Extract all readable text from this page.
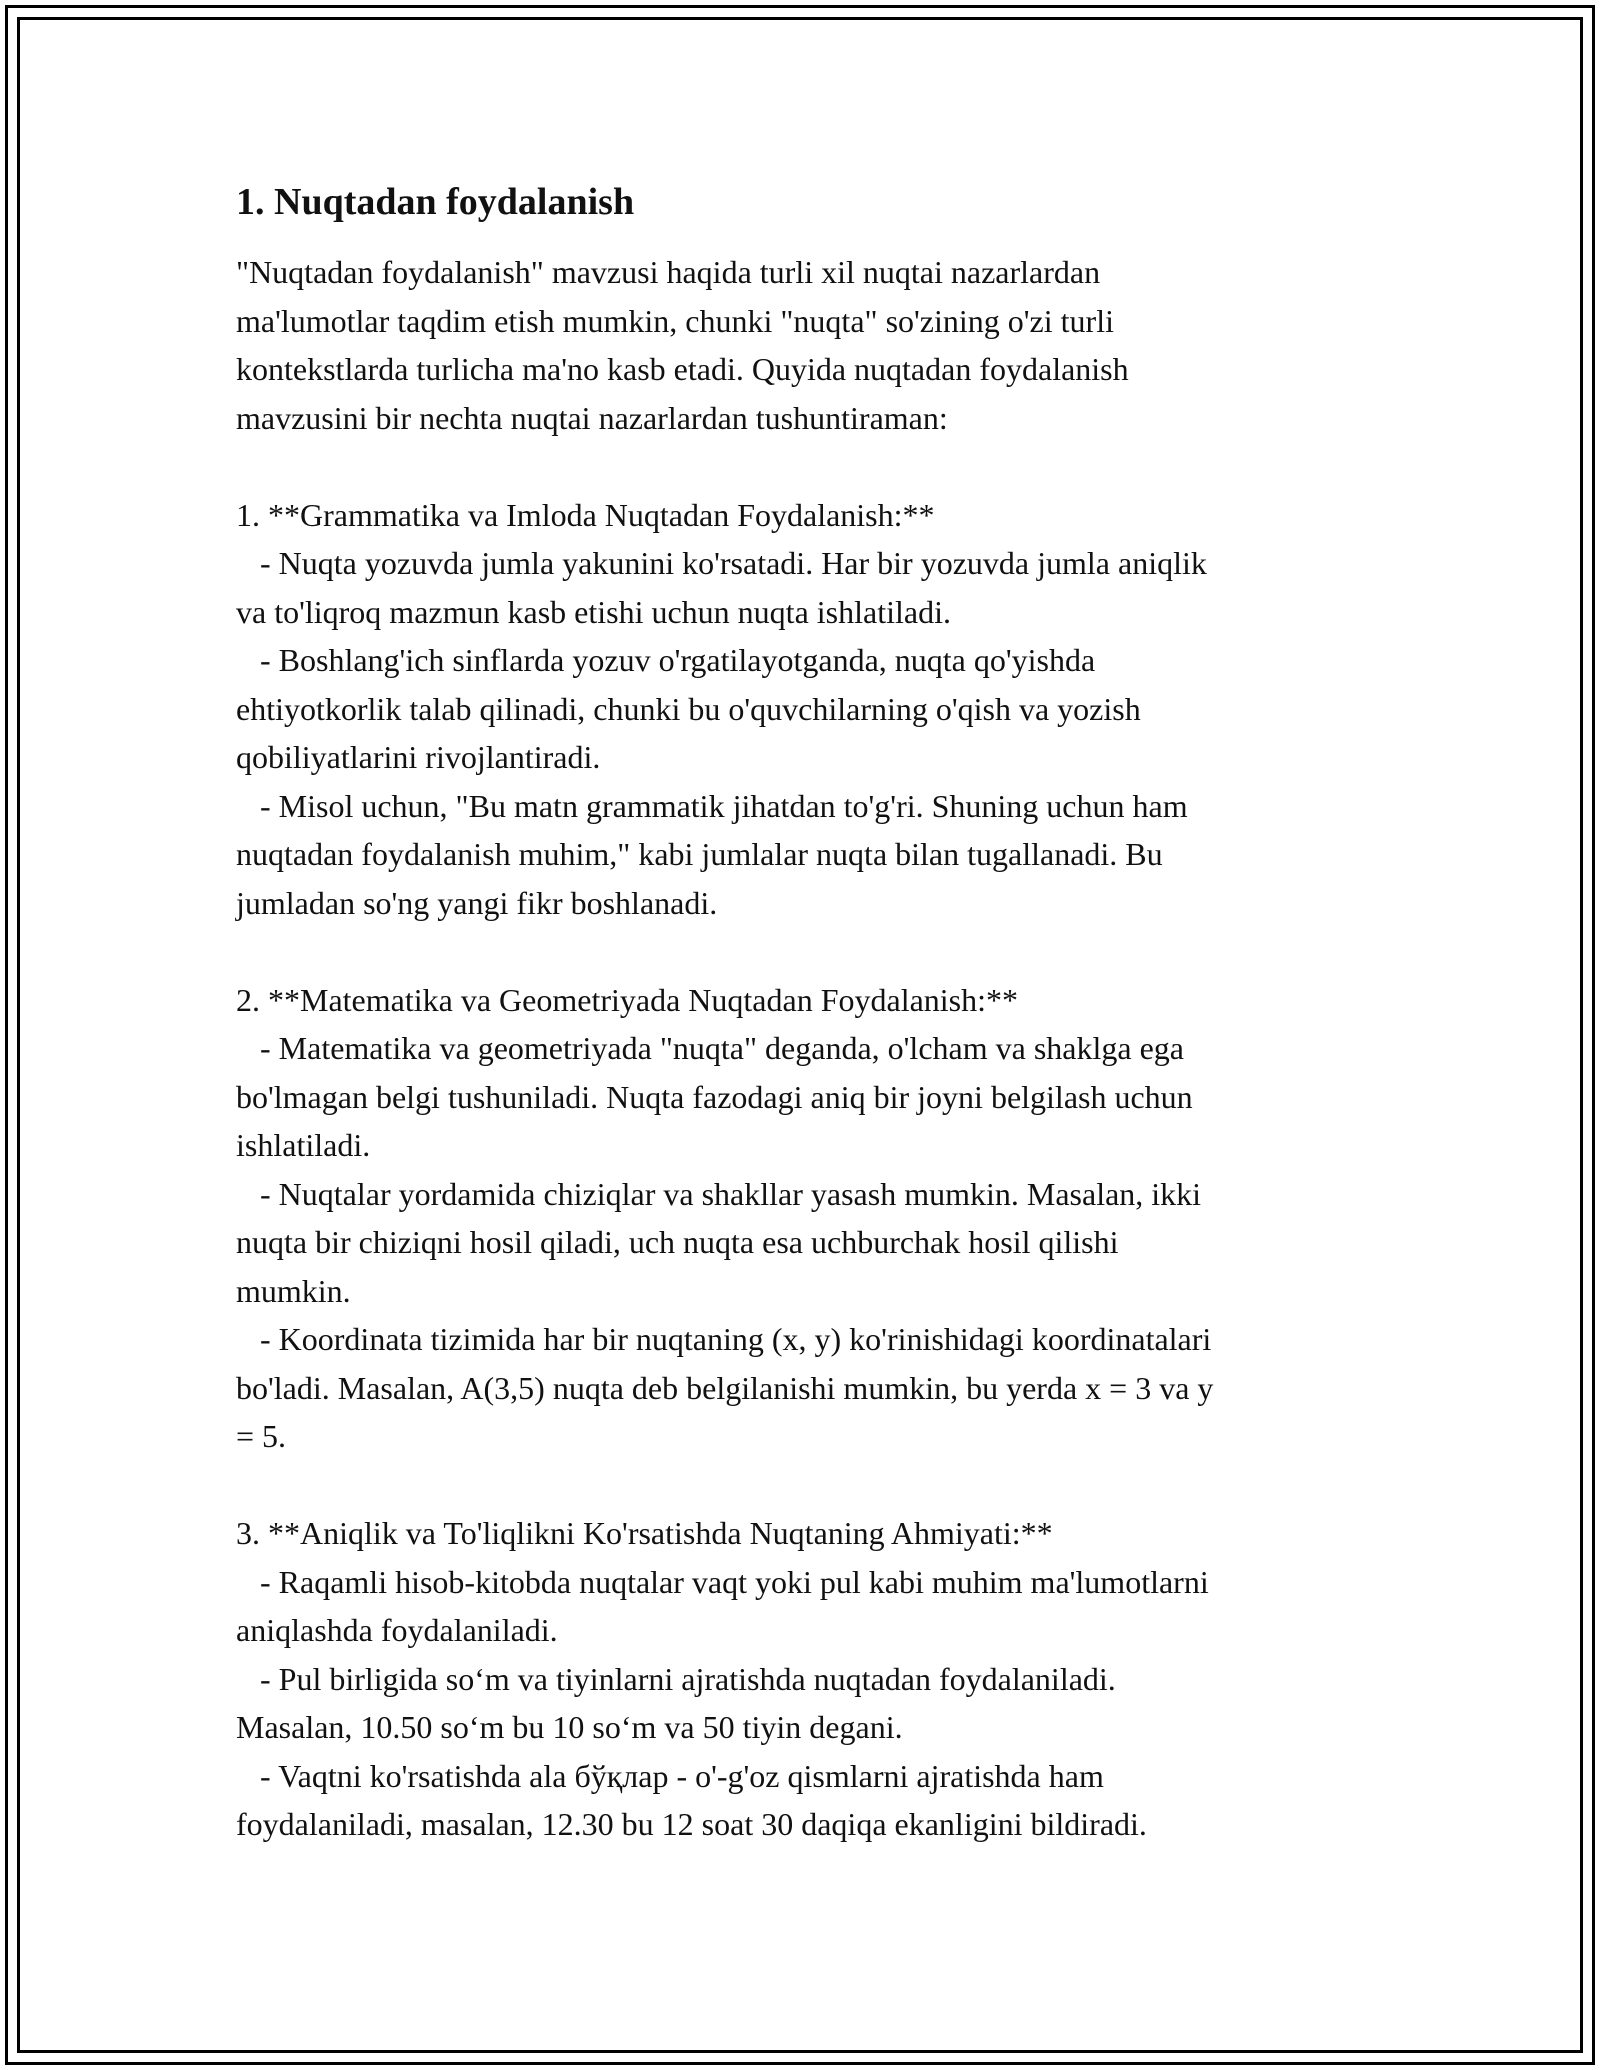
1. Nuqtadan foydalanish
"Nuqtadan foydalanish" mavzusi haqida turli xil nuqtai nazarlardan
ma'lumotlar taqdim etish mumkin, chunki "nuqta" so'zining o'zi turli
kontekstlarda turlicha ma'no kasb etadi. Quyida nuqtadan foydalanish
mavzusini bir nechta nuqtai nazarlardan tushuntiraman:
1. **Grammatika va Imloda Nuqtadan Foydalanish:**
- Nuqta yozuvda jumla yakunini ko'rsatadi. Har bir yozuvda jumla aniqlik
va to'liqroq mazmun kasb etishi uchun nuqta ishlatiladi.
- Boshlang'ich sinflarda yozuv o'rgatilayotganda, nuqta qo'yishda
ehtiyotkorlik talab qilinadi, chunki bu o'quvchilarning o'qish va yozish
qobiliyatlarini rivojlantiradi.
- Misol uchun, "Bu matn grammatik jihatdan to'g'ri. Shuning uchun ham
nuqtadan foydalanish muhim," kabi jumlalar nuqta bilan tugallanadi. Bu
jumladan so'ng yangi fikr boshlanadi.
2. **Matematika va Geometriyada Nuqtadan Foydalanish:**
- Matematika va geometriyada "nuqta" deganda, o'lcham va shaklga ega
bo'lmagan belgi tushuniladi. Nuqta fazodagi aniq bir joyni belgilash uchun
ishlatiladi.
- Nuqtalar yordamida chiziqlar va shakllar yasash mumkin. Masalan, ikki
nuqta bir chiziqni hosil qiladi, uch nuqta esa uchburchak hosil qilishi
mumkin.
- Koordinata tizimida har bir nuqtaning (x, y) ko'rinishidagi koordinatalari
bo'ladi. Masalan, A(3,5) nuqta deb belgilanishi mumkin, bu yerda x = 3 va y
= 5.
3. **Aniqlik va To'liqlikni Ko'rsatishda Nuqtaning Ahmiyati:**
- Raqamli hisob-kitobda nuqtalar vaqt yoki pul kabi muhim ma'lumotlarni
aniqlashda foydalaniladi.
- Pul birligida so‘m va tiyinlarni ajratishda nuqtadan foydalaniladi.
Masalan, 10.50 so‘m bu 10 so‘m va 50 tiyin degani.
- Vaqtni ko'rsatishda ala бўқлар - o'-g'oz qismlarni ajratishda ham
foydalaniladi, masalan, 12.30 bu 12 soat 30 daqiqa ekanligini bildiradi.
